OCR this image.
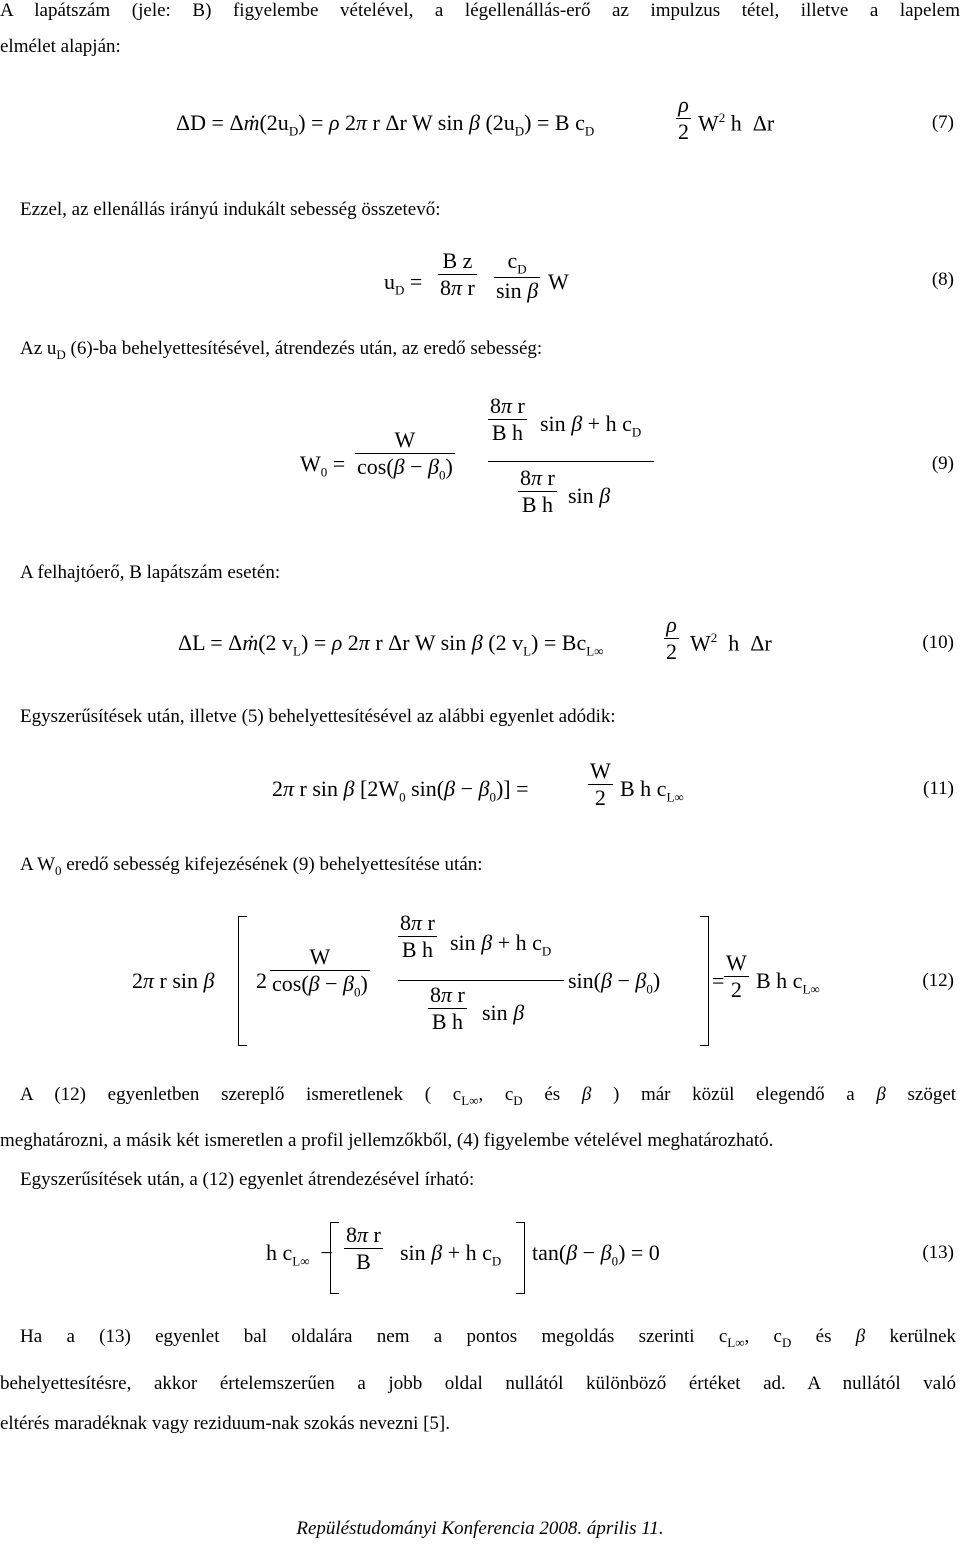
A lapátszám (jele: B) figyelembe vételével, a légellenállás-erő az impulzus tétel, illetve a lapelem

elmélet alapján:

$\Delta D = \Delta ṁ(2u_D) = \rho$ 2π r Δr W sin β $(2u_D) = B$ $c_D$	$\frac{\rho}{2} W^2$ h  Δr	(7)

Ezzel, az ellenállás irányú indukált sebesség összetevő:

$u_D = \frac{\text{B z}}{\text{8π r}} \frac{c_D}{\text{sin β}}$ W	(8)

Az $u_D$ (6)-ba behelyettesítésével, átrendezés után, az eredő sebesség:

$W_0 = \frac{W}{\cos(\beta - \beta_0)}$
$\frac{\text{8π r}}{\text{B h}}$ sin β + h $c_D$
$\frac{\text{8π r}}{\text{B h}}$ sin β
(9)

A felhajtóerő, B lapátszám esetén:

ΔL = Δṁ(2 $v_L) = \rho$ 2π r Δr W sin β (2 $v_L) = Bc_{L\infty}$	$\frac{\rho}{2} W^2$  h  Δr	(10)

Egyszerűsítések után, illetve (5) behelyettesítésével az alábbi egyenlet adódik:

2π r sin β [$2W_0$ $\sin(\beta - \beta_0)$] =	$\frac{W}{2}$ B h $c_{L\infty}$	(11)

A $W_0$ eredő sebesség kifejezésének (9) behelyettesítése után:

2π r sin β $2 \frac{W}{\cos(\beta - \beta_0)}$
$\frac{\text{8π r}}{\text{B h}}$ sin β + h $c_D$
$\frac{\text{8π r}}{\text{B h}}$ sin β
$\sin(\beta - \beta_0) = \frac{W}{2}$ B h $c_{L\infty}$	(12)

A (12) egyenletben szereplő ismeretlenek ( $c_{L\infty}$, $c_D$ és β ) már közül elegendő a β szöget

meghatározni, a másik két ismeretlen a profil jellemzőkből, (4) figyelembe vételével meghatározható.

Egyszerűsítések után, a (12) egyenlet átrendezésével írható:

h $c_{L\infty} - \frac{\text{8π r}}{B}$ sin β + h $c_D$ $\tan(\beta - \beta_0) = 0$	(13)

Ha a (13) egyenlet bal oldalára nem a pontos megoldás szerinti $c_{L\infty}$, $c_D$ és β kerülnek

behelyettesítésre, akkor értelemszerűen a jobb oldal nullától különböző értéket ad. A nullától való

eltérés maradéknak vagy reziduum-nak szokás nevezni [5].

Repüléstudományi Konferencia 2008. április 11.
